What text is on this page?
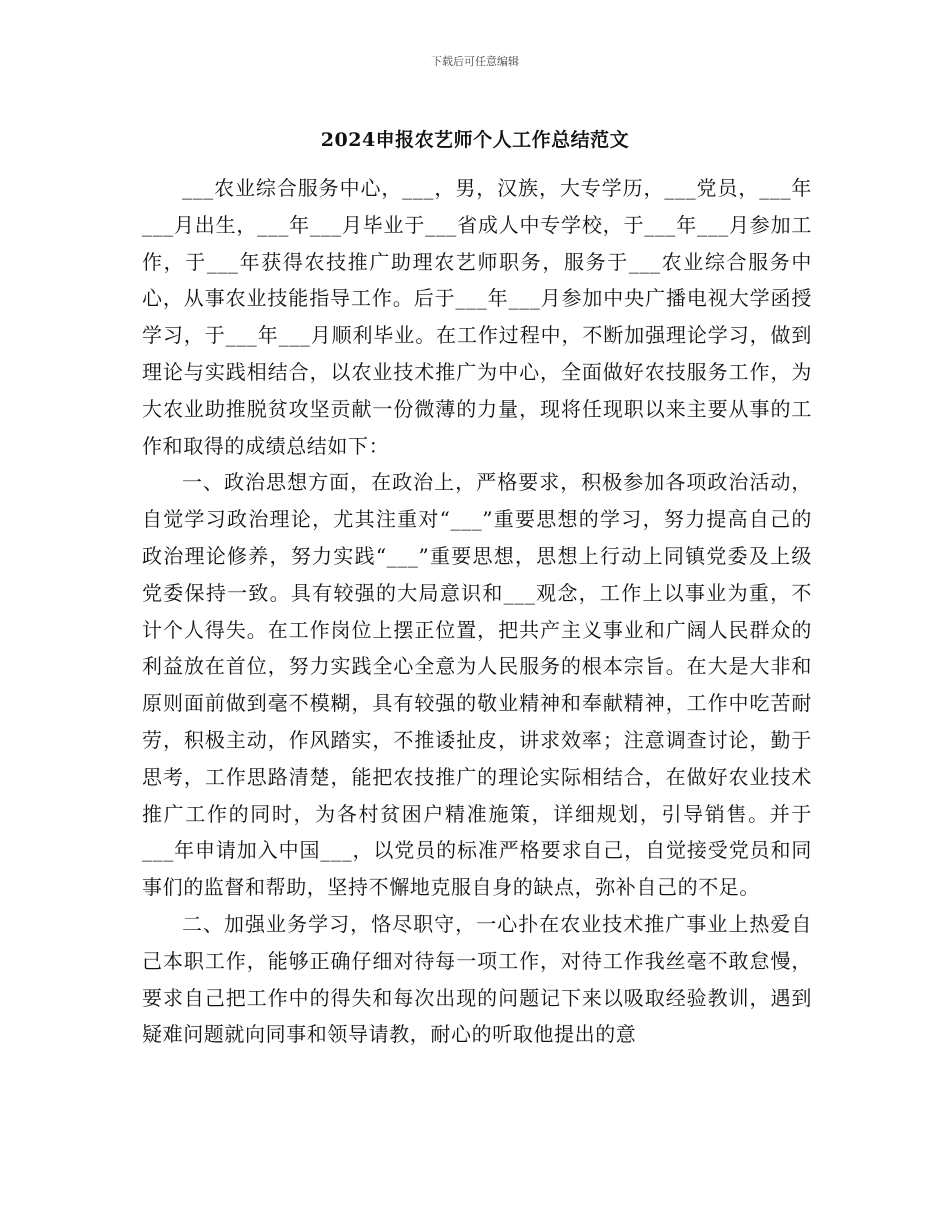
下载后可任意编辑
2024申报农艺师个人工作总结范文

___农业综合服务中心，___，男，汉族，大专学历，___党员，___年___月出生，___年___月毕业于___省成人中专学校，于___年___月参加工作，于___年获得农技推广助理农艺师职务，服务于___农业综合服务中心，从事农业技能指导工作。后于___年___月参加中央广播电视大学函授学习，于___年___月顺利毕业。在工作过程中，不断加强理论学习，做到理论与实践相结合，以农业技术推广为中心，全面做好农技服务工作，为大农业助推脱贫攻坚贡献一份微薄的力量，现将任现职以来主要从事的工作和取得的成绩总结如下：

一、政治思想方面，在政治上，严格要求，积极参加各项政治活动，自觉学习政治理论，尤其注重对“___”重要思想的学习，努力提高自己的政治理论修养，努力实践“___”重要思想，思想上行动上同镇党委及上级党委保持一致。具有较强的大局意识和___观念，工作上以事业为重，不计个人得失。在工作岗位上摆正位置，把共产主义事业和广阔人民群众的利益放在首位，努力实践全心全意为人民服务的根本宗旨。在大是大非和原则面前做到毫不模糊，具有较强的敬业精神和奉献精神，工作中吃苦耐劳，积极主动，作风踏实，不推诿扯皮，讲求效率；注意调查讨论，勤于思考，工作思路清楚，能把农技推广的理论实际相结合，在做好农业技术推广工作的同时，为各村贫困户精准施策，详细规划，引导销售。并于___年申请加入中国___，以党员的标准严格要求自己，自觉接受党员和同事们的监督和帮助，坚持不懈地克服自身的缺点，弥补自己的不足。

二、加强业务学习，恪尽职守，一心扑在农业技术推广事业上热爱自己本职工作，能够正确仔细对待每一项工作，对待工作我丝毫不敢怠慢，要求自己把工作中的得失和每次出现的问题记下来以吸取经验教训，遇到疑难问题就向同事和领导请教，耐心的听取他提出的意
